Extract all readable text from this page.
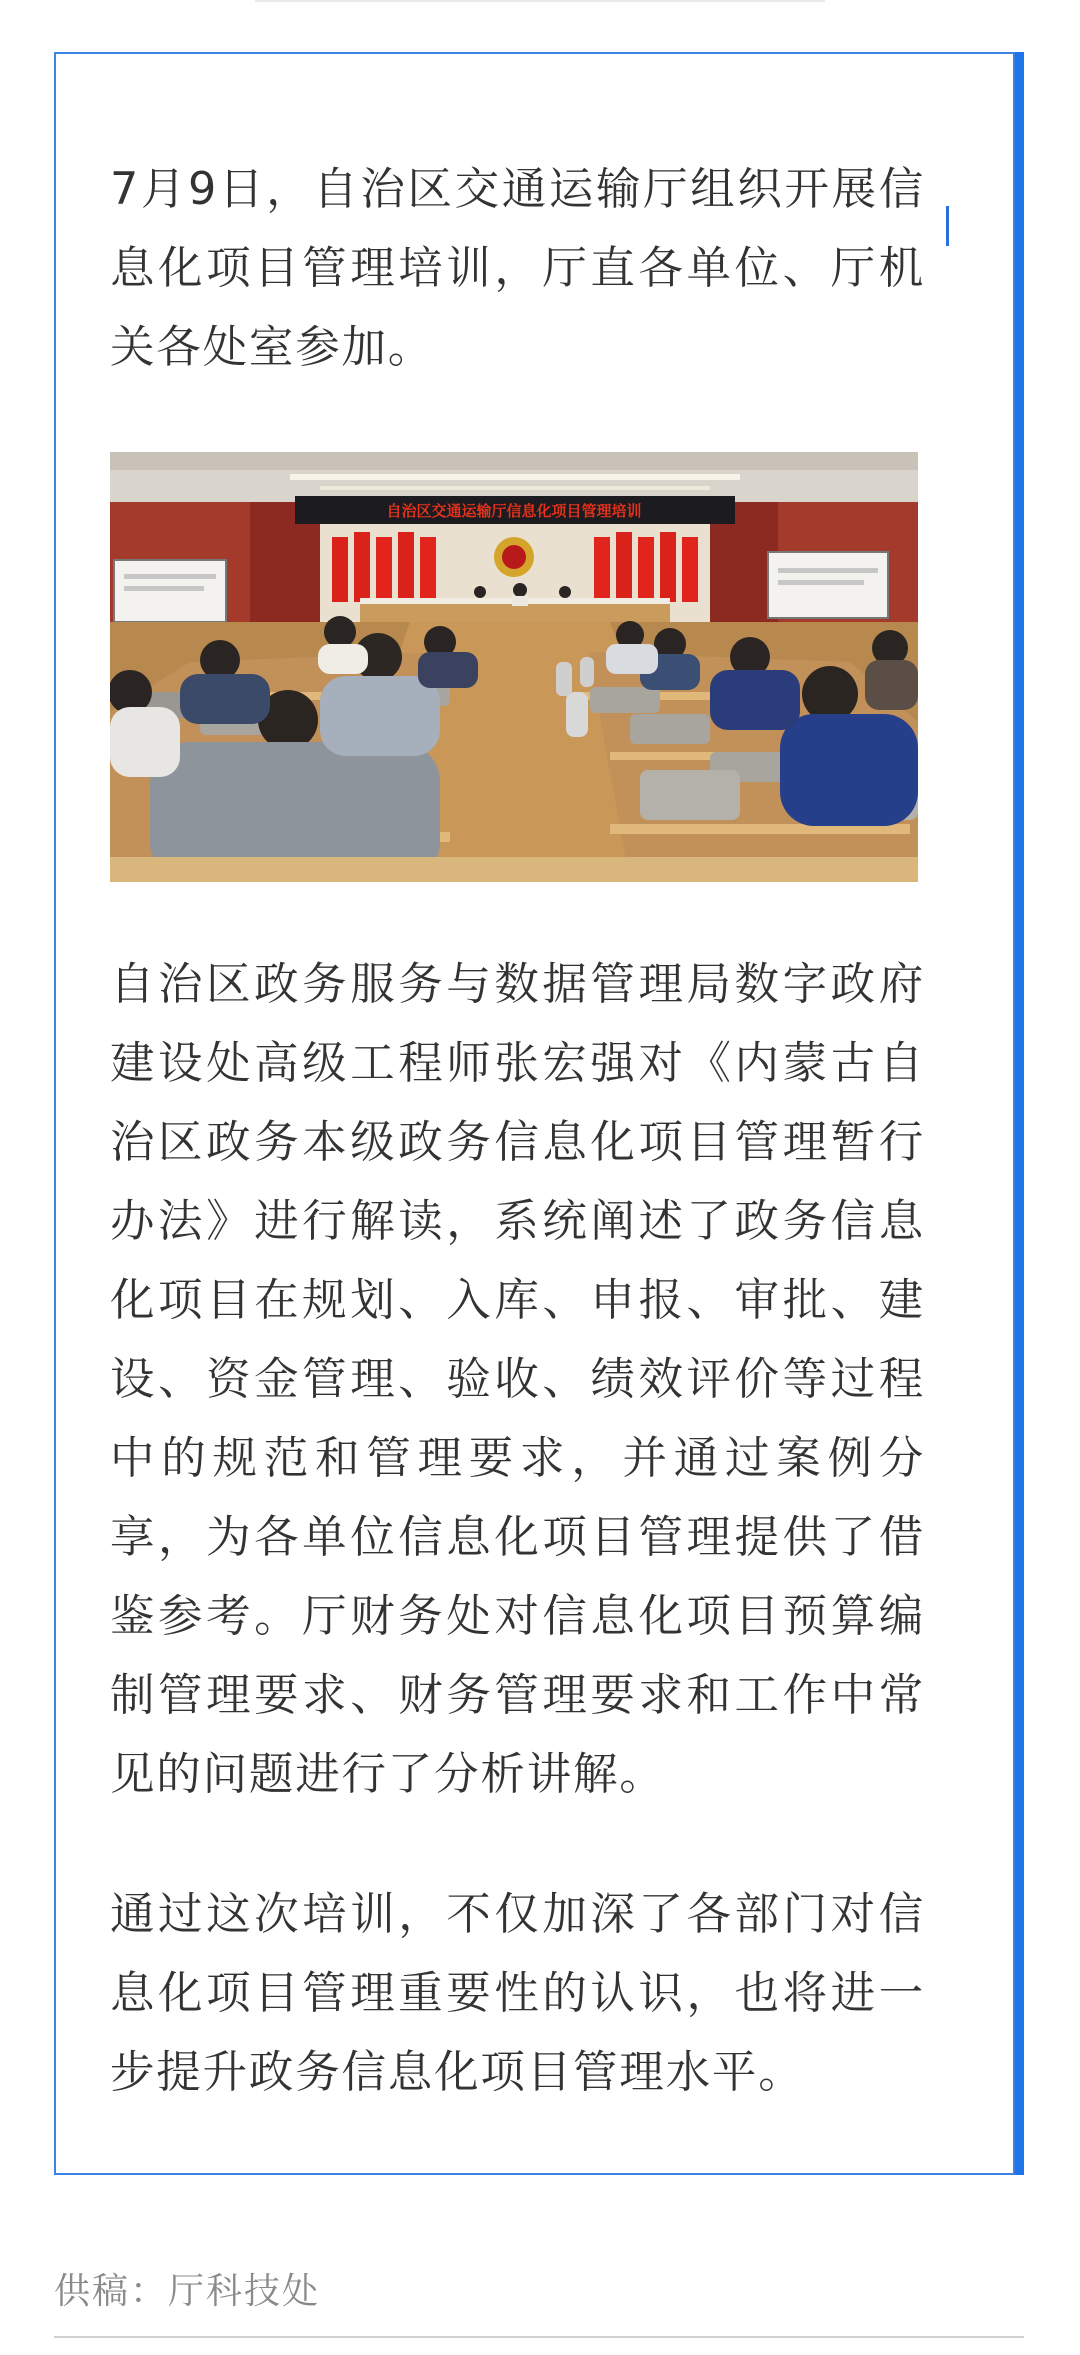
7月9日，自治区交通运输厅组织开展信息化项目管理培训，厅直各单位、厅机关各处室参加。

自治区交通运输厅信息化项目管理培训

自治区政务服务与数据管理局数字政府建设处高级工程师张宏强对《内蒙古自治区政务本级政务信息化项目管理暂行办法》进行解读，系统阐述了政务信息化项目在规划、入库、申报、审批、建设、资金管理、验收、绩效评价等过程中的规范和管理要求，并通过案例分享，为各单位信息化项目管理提供了借鉴参考。厅财务处对信息化项目预算编制管理要求、财务管理要求和工作中常见的问题进行了分析讲解。

通过这次培训，不仅加深了各部门对信息化项目管理重要性的认识，也将进一步提升政务信息化项目管理水平。

供稿：厅科技处
